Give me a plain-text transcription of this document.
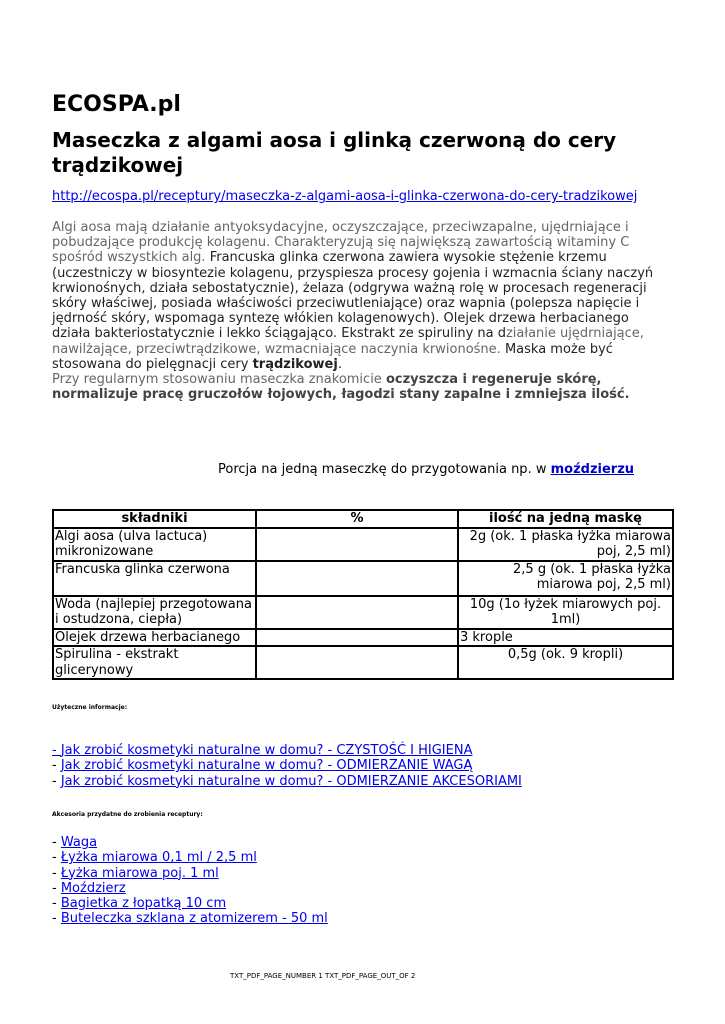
ECOSPA.pl
Maseczka z algami aosa i glinką czerwoną do cery trądzikowej
http://ecospa.pl/receptury/maseczka-z-algami-aosa-i-glinka-czerwona-do-cery-tradzikowej

Algi aosa mają działanie antyoksydacyjne, oczyszczające, przeciwzapalne, ujędrniające i pobudzające produkcję kolagenu. Charakteryzują się największą zawartością witaminy C spośród wszystkich alg. Francuska glinka czerwona zawiera wysokie stężenie krzemu (uczestniczy w biosyntezie kolagenu, przyspiesza procesy gojenia i wzmacnia ściany naczyń krwionośnych, działa sebostatycznie), żelaza (odgrywa ważną rolę w procesach regeneracji skóry właściwej, posiada właściwości przeciwutleniające) oraz wapnia (polepsza napięcie i jędrność skóry, wspomaga syntezę włókien kolagenowych). Olejek drzewa herbacianego działa bakteriostatycznie i lekko ściągająco. Ekstrakt ze spiruliny na działanie ujędrniające, nawilżające, przeciwtrądzikowe, wzmacniające naczynia krwionośne. Maska może być stosowana do pielęgnacji cery trądzikowej.

Przy regularnym stosowaniu maseczka znakomicie oczyszcza i regeneruje skórę, normalizuje pracę gruczołów łojowych, łagodzi stany zapalne i zmniejsza ilość.

Porcja na jedną maseczkę do przygotowania np. w moździerzu
składniki	%	ilość na jedną maskę
Algi aosa (ulva lactuca) mikronizowane		2g (ok. 1 płaska łyżka miarowa poj, 2,5 ml)
Francuska glinka czerwona		2,5 g (ok. 1 płaska łyżka miarowa poj, 2,5 ml)
Woda (najlepiej przegotowana i ostudzona, ciepła)		10g (1o łyżek miarowych poj. 1ml)
Olejek drzewa herbacianego		3 krople
Spirulina - ekstrakt glicerynowy		0,5g (ok. 9 kropli)
Użyteczne informacje:
- Jak zrobić kosmetyki naturalne w domu? - CZYSTOŚĆ I HIGIENA
- Jak zrobić kosmetyki naturalne w domu? - ODMIERZANIE WAGĄ
- Jak zrobić kosmetyki naturalne w domu? - ODMIERZANIE AKCESORIAMI
Akcesoria przydatne do zrobienia receptury:
- Waga
- Łyżka miarowa 0,1 ml / 2,5 ml
- Łyżka miarowa poj. 1 ml
- Moździerz
- Bagietka z łopatką 10 cm
- Buteleczka szklana z atomizerem - 50 ml
TXT_PDF_PAGE_NUMBER 1 TXT_PDF_PAGE_OUT_OF 2
